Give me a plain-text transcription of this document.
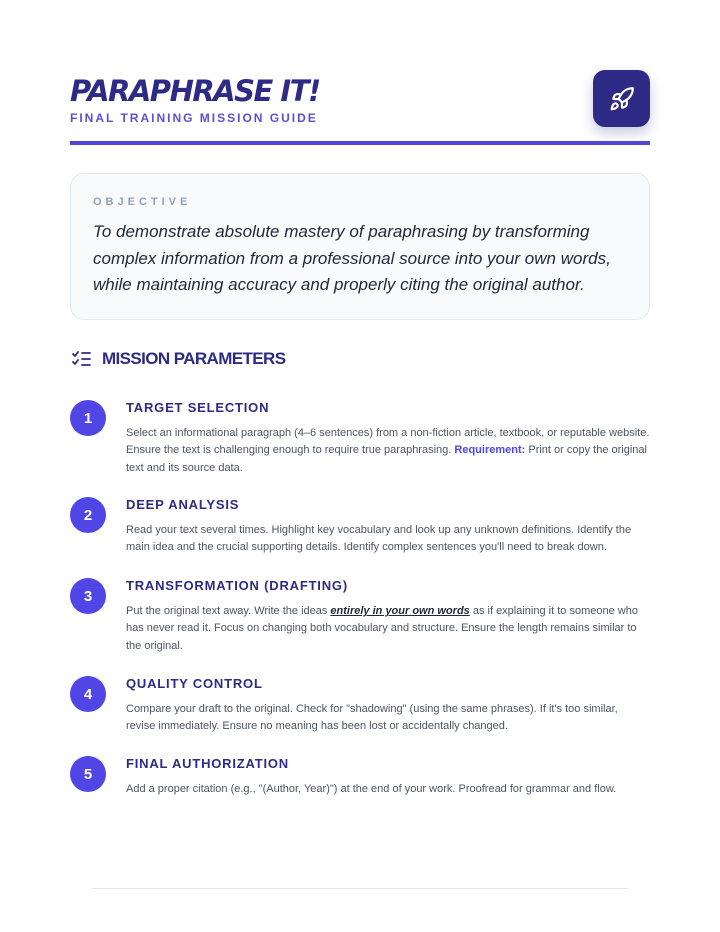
PARAPHRASE IT!
FINAL TRAINING MISSION GUIDE
OBJECTIVE
To demonstrate absolute mastery of paraphrasing by transforming complex information from a professional source into your own words, while maintaining accuracy and properly citing the original author.
MISSION PARAMETERS
1
TARGET SELECTION
Select an informational paragraph (4–6 sentences) from a non-fiction article, textbook, or reputable website. Ensure the text is challenging enough to require true paraphrasing. Requirement: Print or copy the original text and its source data.
2
DEEP ANALYSIS
Read your text several times. Highlight key vocabulary and look up any unknown definitions. Identify the main idea and the crucial supporting details. Identify complex sentences you'll need to break down.
3
TRANSFORMATION (DRAFTING)
Put the original text away. Write the ideas entirely in your own words as if explaining it to someone who has never read it. Focus on changing both vocabulary and structure. Ensure the length remains similar to the original.
4
QUALITY CONTROL
Compare your draft to the original. Check for "shadowing" (using the same phrases). If it's too similar, revise immediately. Ensure no meaning has been lost or accidentally changed.
5
FINAL AUTHORIZATION
Add a proper citation (e.g., "(Author, Year)") at the end of your work. Proofread for grammar and flow.
